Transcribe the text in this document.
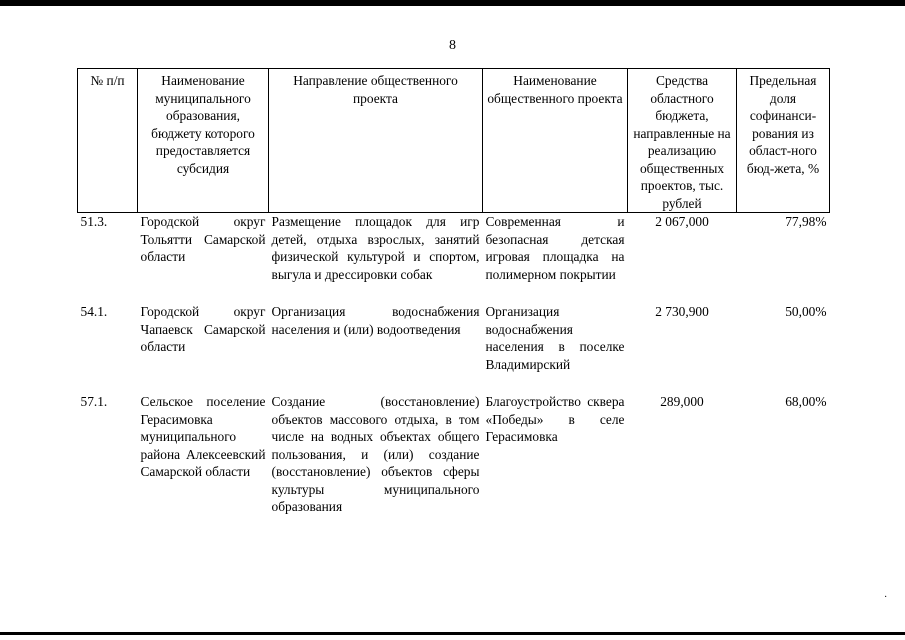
8
№ п/п	Наименование муниципального образования, бюджету которого предоставляется субсидия	Направление общественного проекта	Наименование общественного проекта	Средства областного бюджета, направленные на реализацию общественных проектов, тыс. рублей	Предельная доля софинанси-рования из област-ного бюд-жета, %

51.3.	Городской округ Тольятти Самарской области	Размещение площадок для игр детей, отдыха взрослых, занятий физической культурой и спортом, выгула и дрессировки собак	Современная и безопасная детская игровая площадка на полимерном покрытии	2 067,000	77,98%

54.1.	Городской округ Чапаевск Самарской области	Организация водоснабжения населения и (или) водоотведения	Организация водоснабжения населения в поселке Владимирский	2 730,900	50,00%

57.1.	Сельское поселение Герасимовка муниципального района Алексеевский Самарской области	Создание (восстановление) объектов массового отдыха, в том числе на водных объектах общего пользования, и (или) создание (восстановление) объектов сферы культуры муниципального образования	Благоустройство сквера «Победы» в селе Герасимовка	289,000	68,00%
·
